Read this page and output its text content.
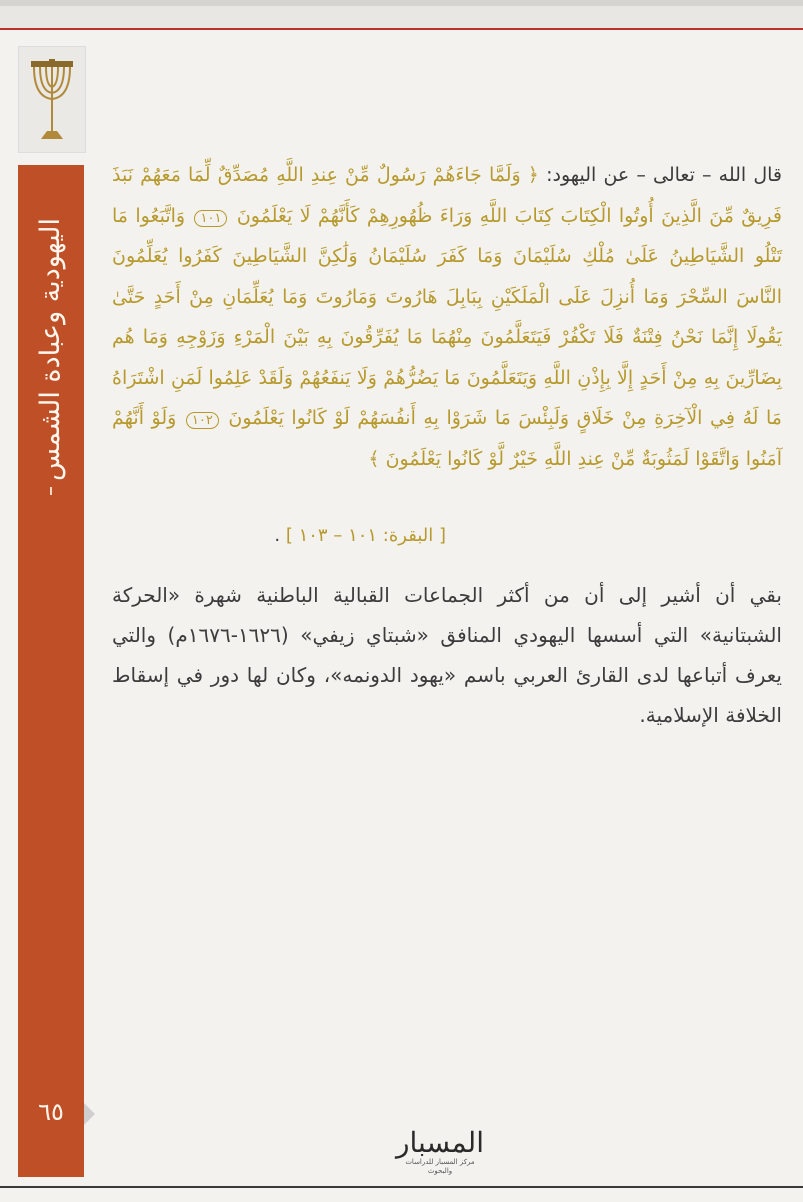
اليهودية وعبادة الشمس
٦٥
قال الله – تعالى – عن اليهود: ﴿ وَلَمَّا جَاءَهُمْ رَسُولٌ مِّنْ عِندِ اللَّهِ مُصَدِّقٌ لِّمَا مَعَهُمْ نَبَذَ فَرِيقٌ مِّنَ الَّذِينَ أُوتُوا الْكِتَابَ كِتَابَ اللَّهِ وَرَاءَ ظُهُورِهِمْ كَأَنَّهُمْ لَا يَعْلَمُونَ ١٠١ وَاتَّبَعُوا مَا تَتْلُو الشَّيَاطِينُ عَلَىٰ مُلْكِ سُلَيْمَانَ وَمَا كَفَرَ سُلَيْمَانُ وَلَٰكِنَّ الشَّيَاطِينَ كَفَرُوا يُعَلِّمُونَ النَّاسَ السِّحْرَ وَمَا أُنزِلَ عَلَى الْمَلَكَيْنِ بِبَابِلَ هَارُوتَ وَمَارُوتَ وَمَا يُعَلِّمَانِ مِنْ أَحَدٍ حَتَّىٰ يَقُولَا إِنَّمَا نَحْنُ فِتْنَةٌ فَلَا تَكْفُرْ فَيَتَعَلَّمُونَ مِنْهُمَا مَا يُفَرِّقُونَ بِهِ بَيْنَ الْمَرْءِ وَزَوْجِهِ وَمَا هُم بِضَارِّينَ بِهِ مِنْ أَحَدٍ إِلَّا بِإِذْنِ اللَّهِ وَيَتَعَلَّمُونَ مَا يَضُرُّهُمْ وَلَا يَنفَعُهُمْ وَلَقَدْ عَلِمُوا لَمَنِ اشْتَرَاهُ مَا لَهُ فِي الْآخِرَةِ مِنْ خَلَاقٍ وَلَبِئْسَ مَا شَرَوْا بِهِ أَنفُسَهُمْ لَوْ كَانُوا يَعْلَمُونَ ١٠٢ وَلَوْ أَنَّهُمْ آمَنُوا وَاتَّقَوْا لَمَثُوبَةٌ مِّنْ عِندِ اللَّهِ خَيْرٌ لَّوْ كَانُوا يَعْلَمُونَ ﴾
[ البقرة: ١٠١ – ١٠٣ ] .
بقي أن أشير إلى أن من أكثر الجماعات القبالية الباطنية شهرة «الحركة الشبتانية» التي أسسها اليهودي المنافق «شبتاي زيفي» (١٦٢٦-١٦٧٦م) والتي يعرف أتباعها لدى القارئ العربي باسم «يهود الدونمه»، وكان لها دور في إسقاط الخلافة الإسلامية.
المسبار
مركز المسبار للدراسات والبحوث
